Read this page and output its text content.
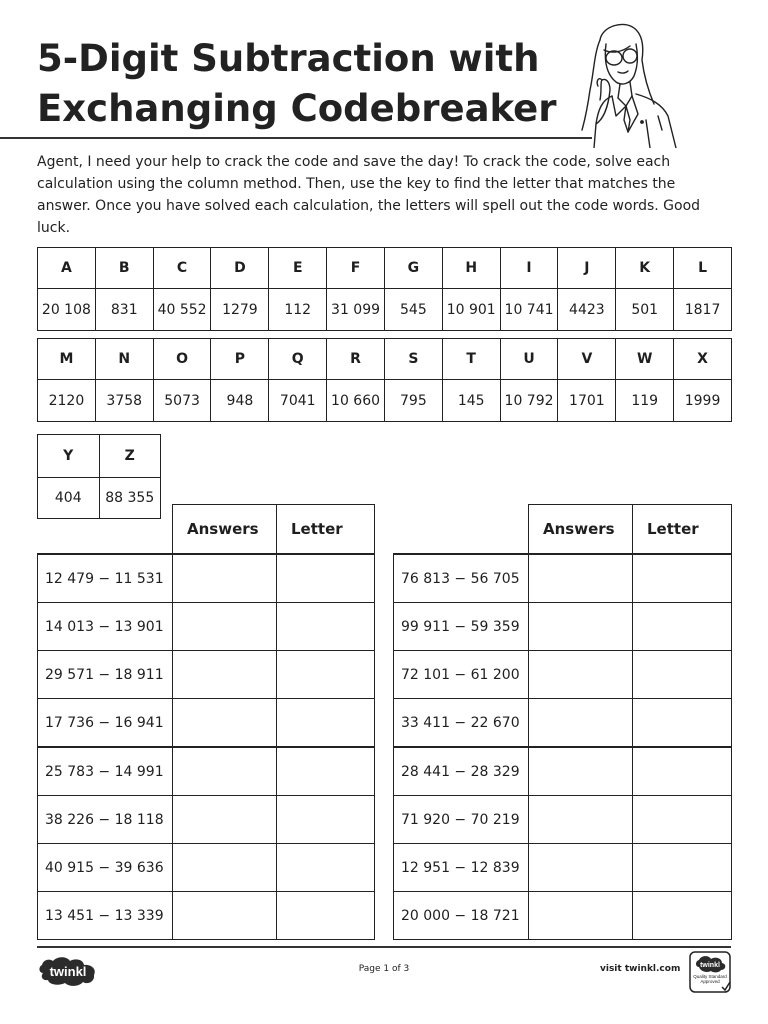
5-Digit Subtraction with
Exchanging Codebreaker

Agent, I need your help to crack the code and save the day! To crack the code, solve each calculation using the column method. Then, use the key to find the letter that matches the answer. Once you have solved each calculation, the letters will spell out the code words. Good luck.

A	B	C	D	E	F	G	H	I	J	K	L
20 108	831	40 552	1279	112	31 099	545	10 901	10 741	4423	501	1817
M	N	O	P	Q	R	S	T	U	V	W	X
2120	3758	5073	948	7041	10 660	795	145	10 792	1701	119	1999
Y	Z
404	88 355
	Answers	Letter
12 479 − 11 531		
14 013 − 13 901		
29 571 − 18 911		
17 736 − 16 941		
25 783 − 14 991		
38 226 − 18 118		
40 915 − 39 636		
13 451 − 13 339		
	Answers	Letter
76 813 − 56 705		
99 911 − 59 359		
72 101 − 61 200		
33 411 − 22 670		
28 441 − 28 329		
71 920 − 70 219		
12 951 − 12 839		
20 000 − 18 721		
twinkl	Page 1 of 3	visit twinkl.com	twinkl
Quality Standard Approved
